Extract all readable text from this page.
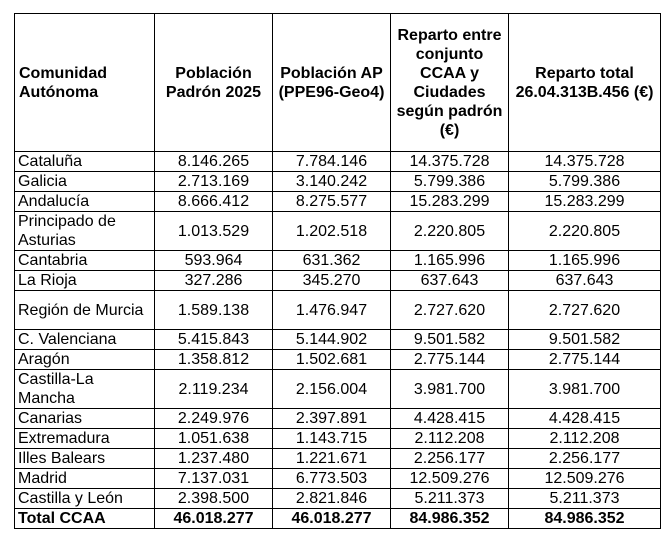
Comunidad Autónoma	Población Padrón 2025	Población AP (PPE96-Geo4)	Reparto entre conjunto CCAA y Ciudades según padrón (€)	Reparto total 26.04.313B.456 (€)
Cataluña	8.146.265	7.784.146	14.375.728	14.375.728
Galicia	2.713.169	3.140.242	5.799.386	5.799.386
Andalucía	8.666.412	8.275.577	15.283.299	15.283.299
Principado de Asturias	1.013.529	1.202.518	2.220.805	2.220.805
Cantabria	593.964	631.362	1.165.996	1.165.996
La Rioja	327.286	345.270	637.643	637.643
Región de Murcia	1.589.138	1.476.947	2.727.620	2.727.620
C. Valenciana	5.415.843	5.144.902	9.501.582	9.501.582
Aragón	1.358.812	1.502.681	2.775.144	2.775.144
Castilla-La Mancha	2.119.234	2.156.004	3.981.700	3.981.700
Canarias	2.249.976	2.397.891	4.428.415	4.428.415
Extremadura	1.051.638	1.143.715	2.112.208	2.112.208
Illes Balears	1.237.480	1.221.671	2.256.177	2.256.177
Madrid	7.137.031	6.773.503	12.509.276	12.509.276
Castilla y León	2.398.500	2.821.846	5.211.373	5.211.373
Total CCAA	46.018.277	46.018.277	84.986.352	84.986.352
